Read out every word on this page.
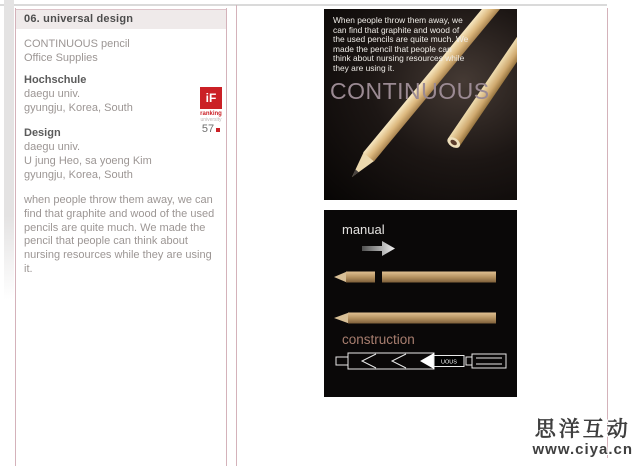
06. universal design
CONTINUOUS pencil
Office Supplies
Hochschule
daegu univ.
gyungju, Korea, South
Design
daegu univ.
U jung Heo, sa yoeng Kim
gyungju, Korea, South
when people throw them away, we can find that graphite and wood of the used pencils are quite much. We made the pencil that people can think about nursing resources while they are using it.
iF
ranking
university
57
When people throw them away, we can find that graphite and wood of the used pencils are quite much. We made the pencil that people can think about nursing resources while they are using it.
CONTINUOUS
UOUS
manual
construction
思洋互动
www.ciya.cn
